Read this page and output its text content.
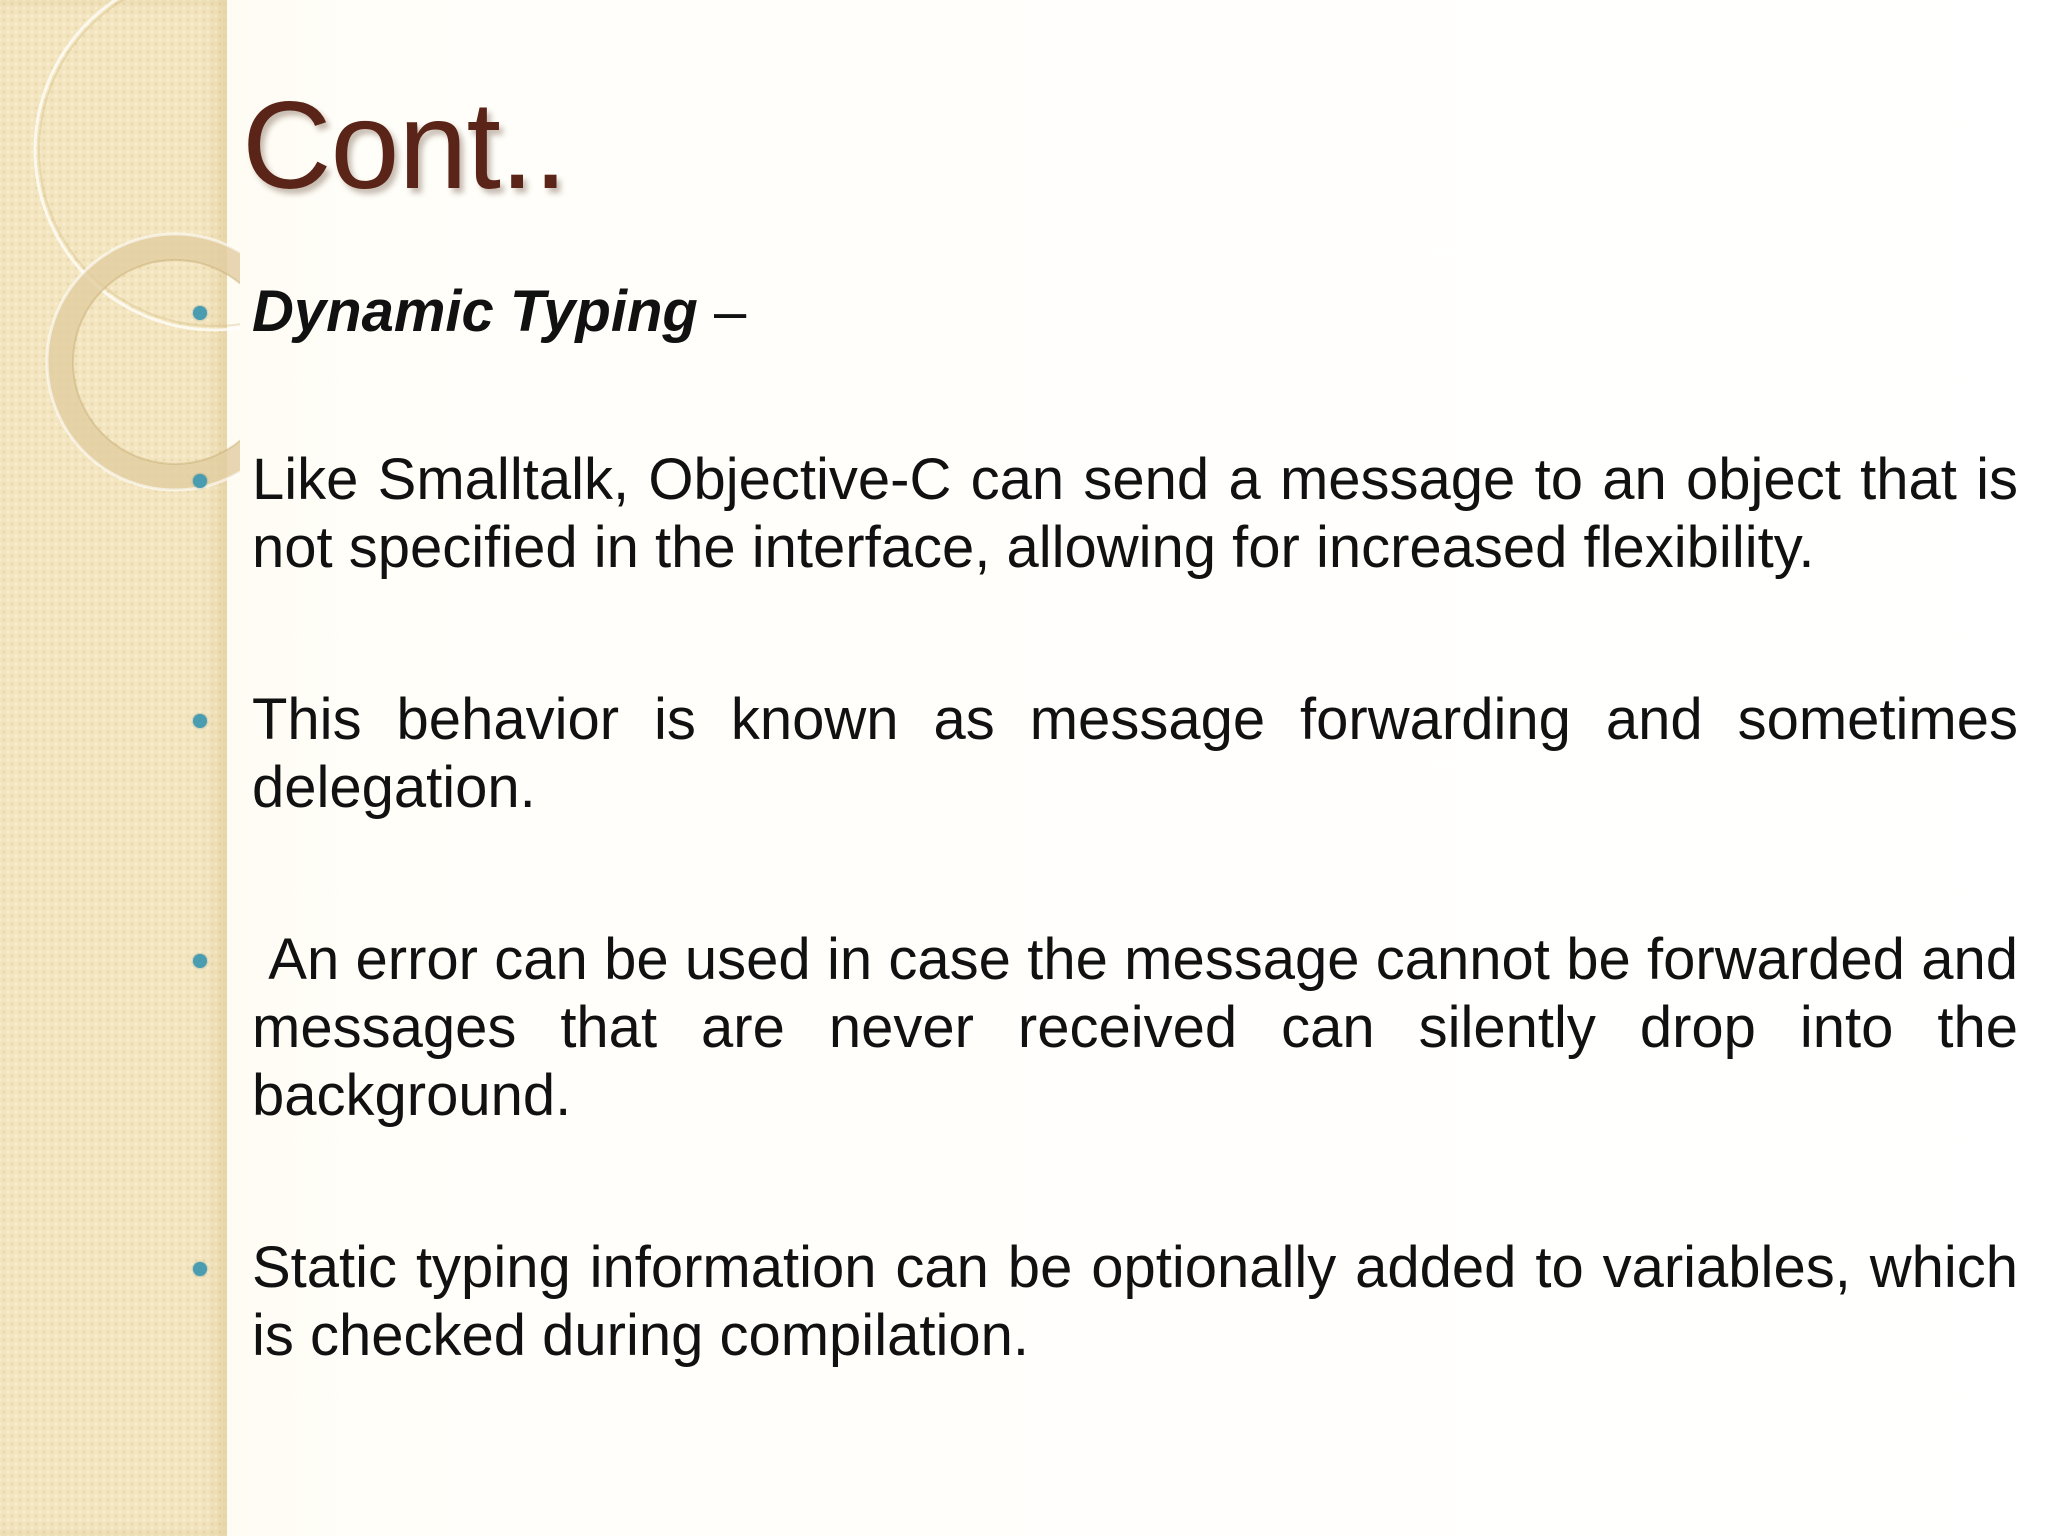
Cont..
Dynamic Typing –
Like Smalltalk, Objective-C can send a message to an object that is not specified in the interface, allowing for increased flexibility.
This behavior is known as message forwarding and sometimes delegation.
An error can be used in case the message cannot be forwarded and messages that are never received can silently drop into the background.
Static typing information can be optionally added to variables, which is checked during compilation.
